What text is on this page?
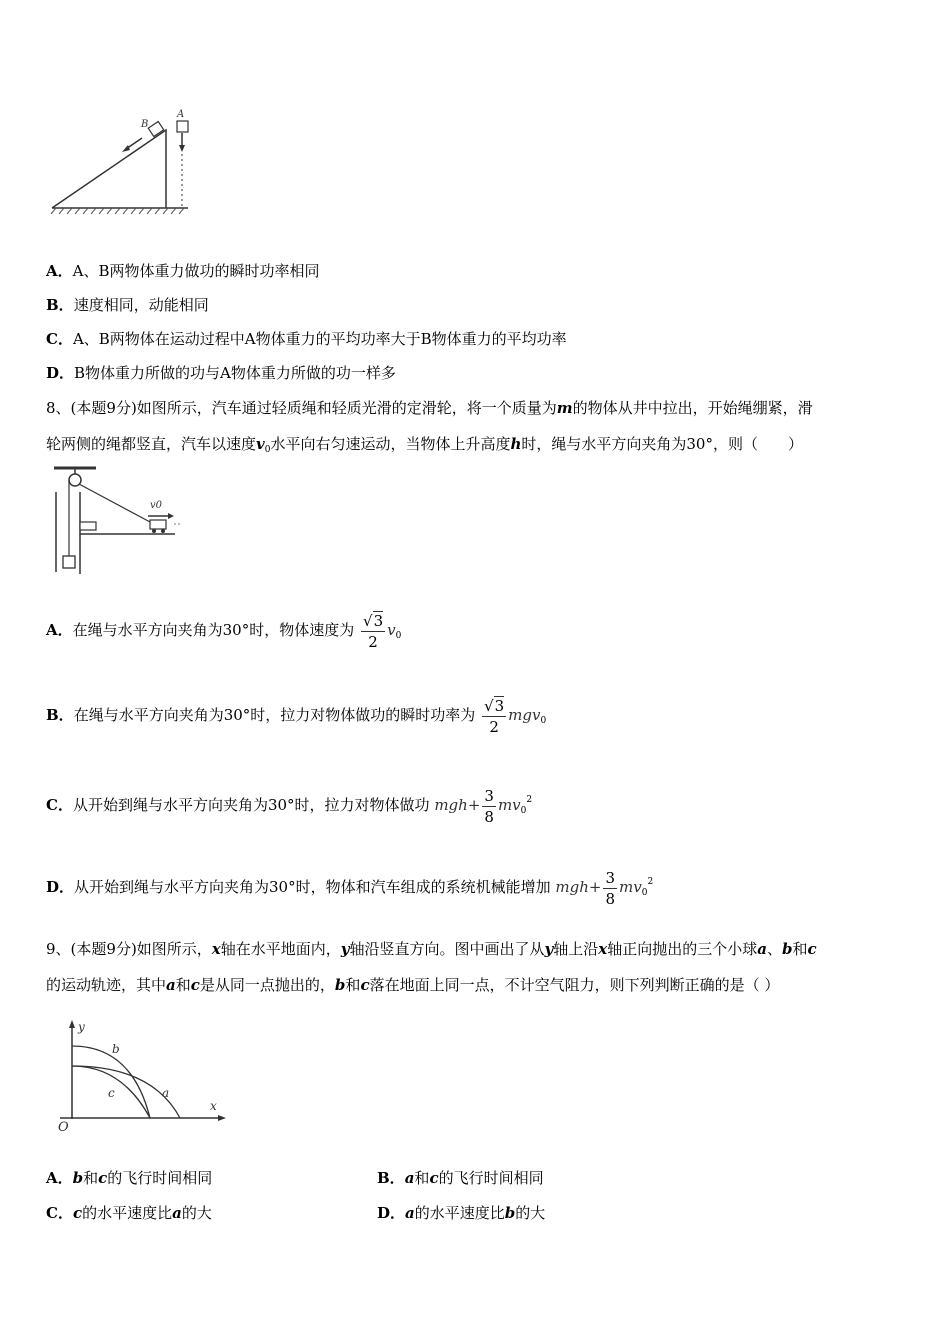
B
A
A．A、B两物体重力做功的瞬时功率相同
B．速度相同，动能相同
C．A、B两物体在运动过程中A物体重力的平均功率大于B物体重力的平均功率
D．B物体重力所做的功与A物体重力所做的功一样多
8、(本题9分)如图所示，汽车通过轻质绳和轻质光滑的定滑轮，将一个质量为m的物体从井中拉出，开始绳绷紧，滑
轮两侧的绳都竖直，汽车以速度$v_0$水平向右匀速运动，当物体上升高度h时，绳与水平方向夹角为30°，则（　　）
v0
A．在绳与水平方向夹角为30°时，物体速度为 $\frac{√3}{2} v_0$
B．在绳与水平方向夹角为30°时，拉力对物体做功的瞬时功率为 $\frac{√3}{2} mgv_0$
C．从开始到绳与水平方向夹角为30°时，拉力对物体做功 $mgh+ \frac{3}{8} mv_0^2$
D．从开始到绳与水平方向夹角为30°时，物体和汽车组成的系统机械能增加 $mgh+ \frac{3}{8} mv_0^2$
9、(本题9分)如图所示，x轴在水平地面内，y轴沿竖直方向。图中画出了从y轴上沿x轴正向抛出的三个小球a、b和c
的运动轨迹，其中a和c是从同一点抛出的，b和c落在地面上同一点，不计空气阻力，则下列判断正确的是（ ）
y
x
O
b
a
c
A．b和c的飞行时间相同	B．a和c的飞行时间相同
C．c的水平速度比a的大	D．a的水平速度比b的大
